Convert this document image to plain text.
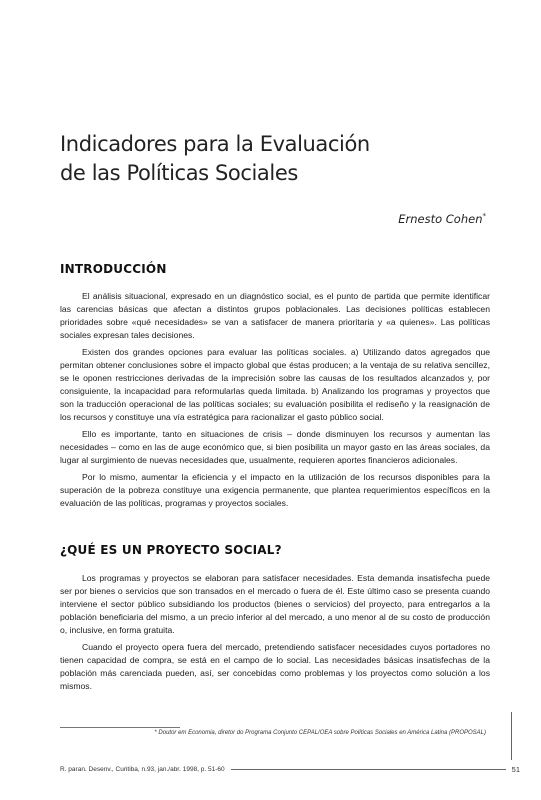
Indicadores para la Evaluación
de las Políticas Sociales
Ernesto Cohen*
INTRODUCCIÓN

El análisis situacional, expresado en un diagnóstico social, es el punto de partida que permite identificar las carencias básicas que afectan a distintos grupos poblacionales. Las decisiones políticas establecen prioridades sobre «qué necesidades» se van a satisfacer de manera prioritaria y «a quienes». Las políticas sociales expresan tales decisiones.

Existen dos grandes opciones para evaluar las políticas sociales. a) Utilizando datos agregados que permitan obtener conclusiones sobre el impacto global que éstas producen; a la ventaja de su relativa sencillez, se le oponen restricciones derivadas de la imprecisión sobre las causas de los resultados alcanzados y, por consiguiente, la incapacidad para reformularlas queda limitada. b) Analizando los programas y proyectos que son la traducción operacional de las políticas sociales; su evaluación posibilita el rediseño y la reasignación de los recursos y constituye una vía estratégica para racionalizar el gasto público social.

Ello es importante, tanto en situaciones de crisis – donde disminuyen los recursos y aumentan las necesidades – como en las de auge económico que, si bien posibilita un mayor gasto en las áreas sociales, da lugar al surgimiento de nuevas necesidades que, usualmente, requieren aportes financieros adicionales.

Por lo mismo, aumentar la eficiencia y el impacto en la utilización de los recursos disponibles para la superación de la pobreza constituye una exigencia permanente, que plantea requerimientos específicos en la evaluación de las políticas, programas y proyectos sociales.

¿QUÉ ES UN PROYECTO SOCIAL?

Los programas y proyectos se elaboran para satisfacer necesidades. Esta demanda insatisfecha puede ser por bienes o servicios que son transados en el mercado o fuera de él. Este último caso se presenta cuando interviene el sector público subsidiando los productos (bienes o servicios) del proyecto, para entregarlos a la población beneficiaria del mismo, a un precio inferior al del mercado, a uno menor al de su costo de producción o, inclusive, en forma gratuita.

Cuando el proyecto opera fuera del mercado, pretendiendo satisfacer necesidades cuyos portadores no tienen capacidad de compra, se está en el campo de lo social. Las necesidades básicas insatisfechas de la población más carenciada pueden, así, ser concebidas como problemas y los proyectos como solución a los mismos.

* Doutor em Economia, diretor do Programa Conjunto CEPAL/OEA sobre Políticas Sociales en América Latina (PROPOSAL)
R. paran. Desenv., Curitiba, n.93, jan./abr. 1998, p. 51-60	51
